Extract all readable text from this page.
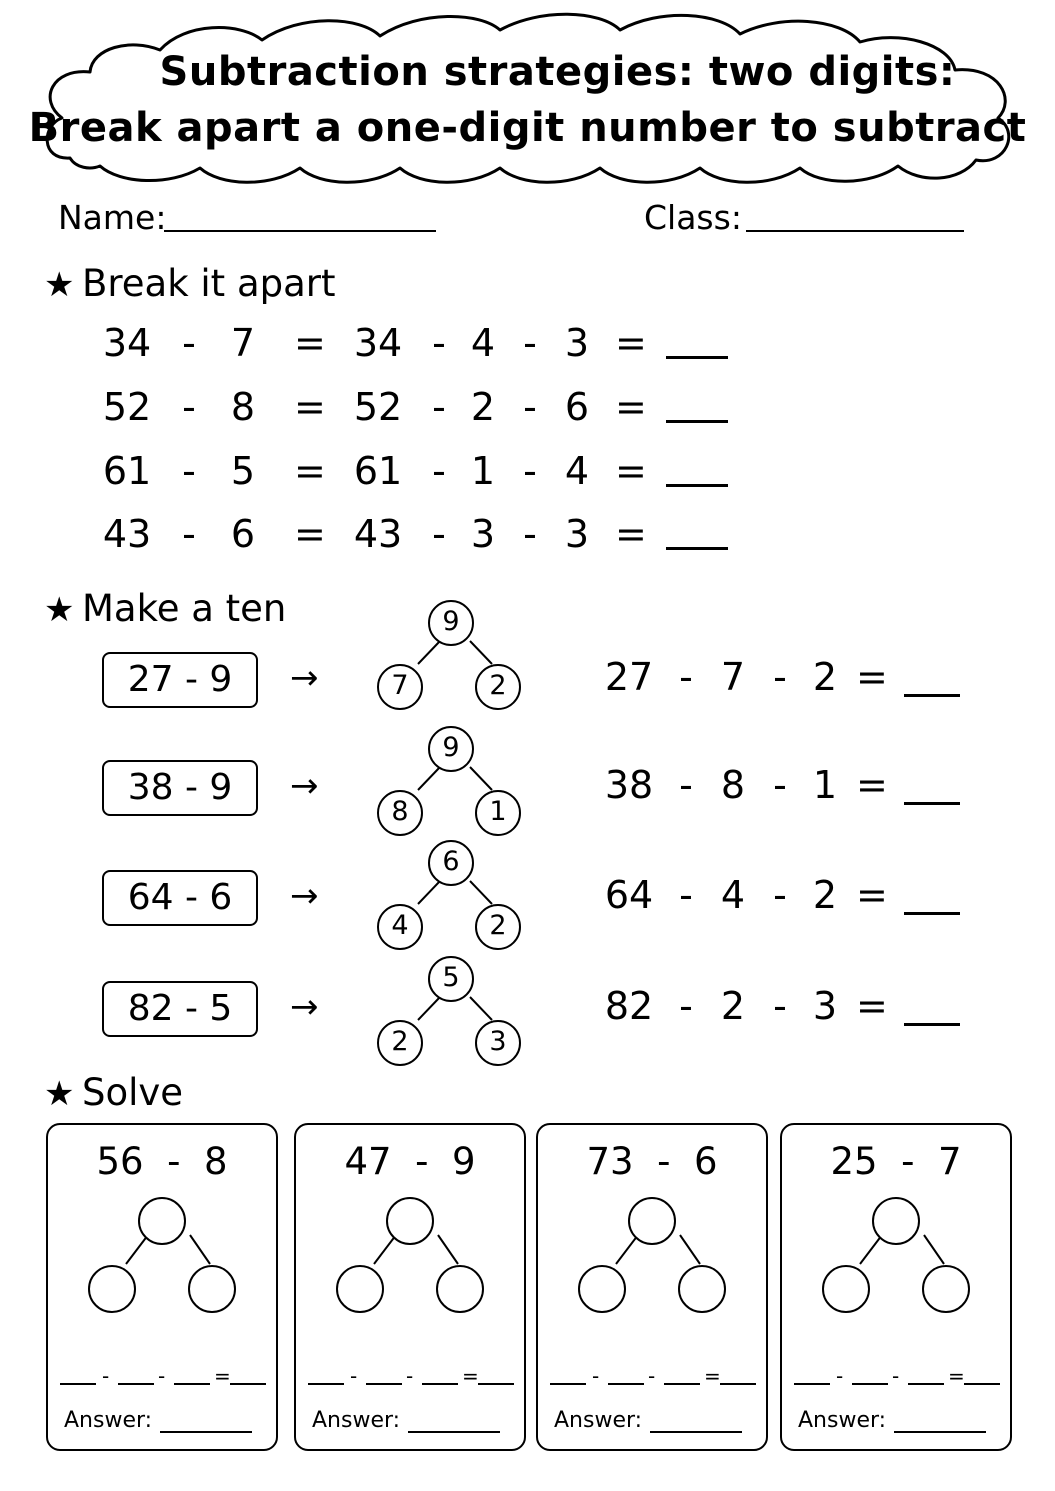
Subtraction strategies: two digits:
Break apart a one-digit number to subtract
Name:	Class:
★ Break it apart
34 - 7 = 34 - 4 - 3 =
52 - 8 = 52 - 2 - 6 =
61 - 5 = 61 - 1 - 4 =
43 - 6 = 43 - 3 - 3 =
★ Make a ten
27 - 9	→
9
7	2	27 - 7 - 2 =
38 - 9	→
9
8	1
38 - 8 - 1 =
64 - 6	→
6
4	2
64 - 4 - 2 =
82 - 5	→
5
2	3
82 - 2 - 3 =
★ Solve
56  -  8
- - =
Answer:
47  -  9
- - =
Answer:
73  -  6
- - =
Answer:
25  -  7
- - =
Answer:
